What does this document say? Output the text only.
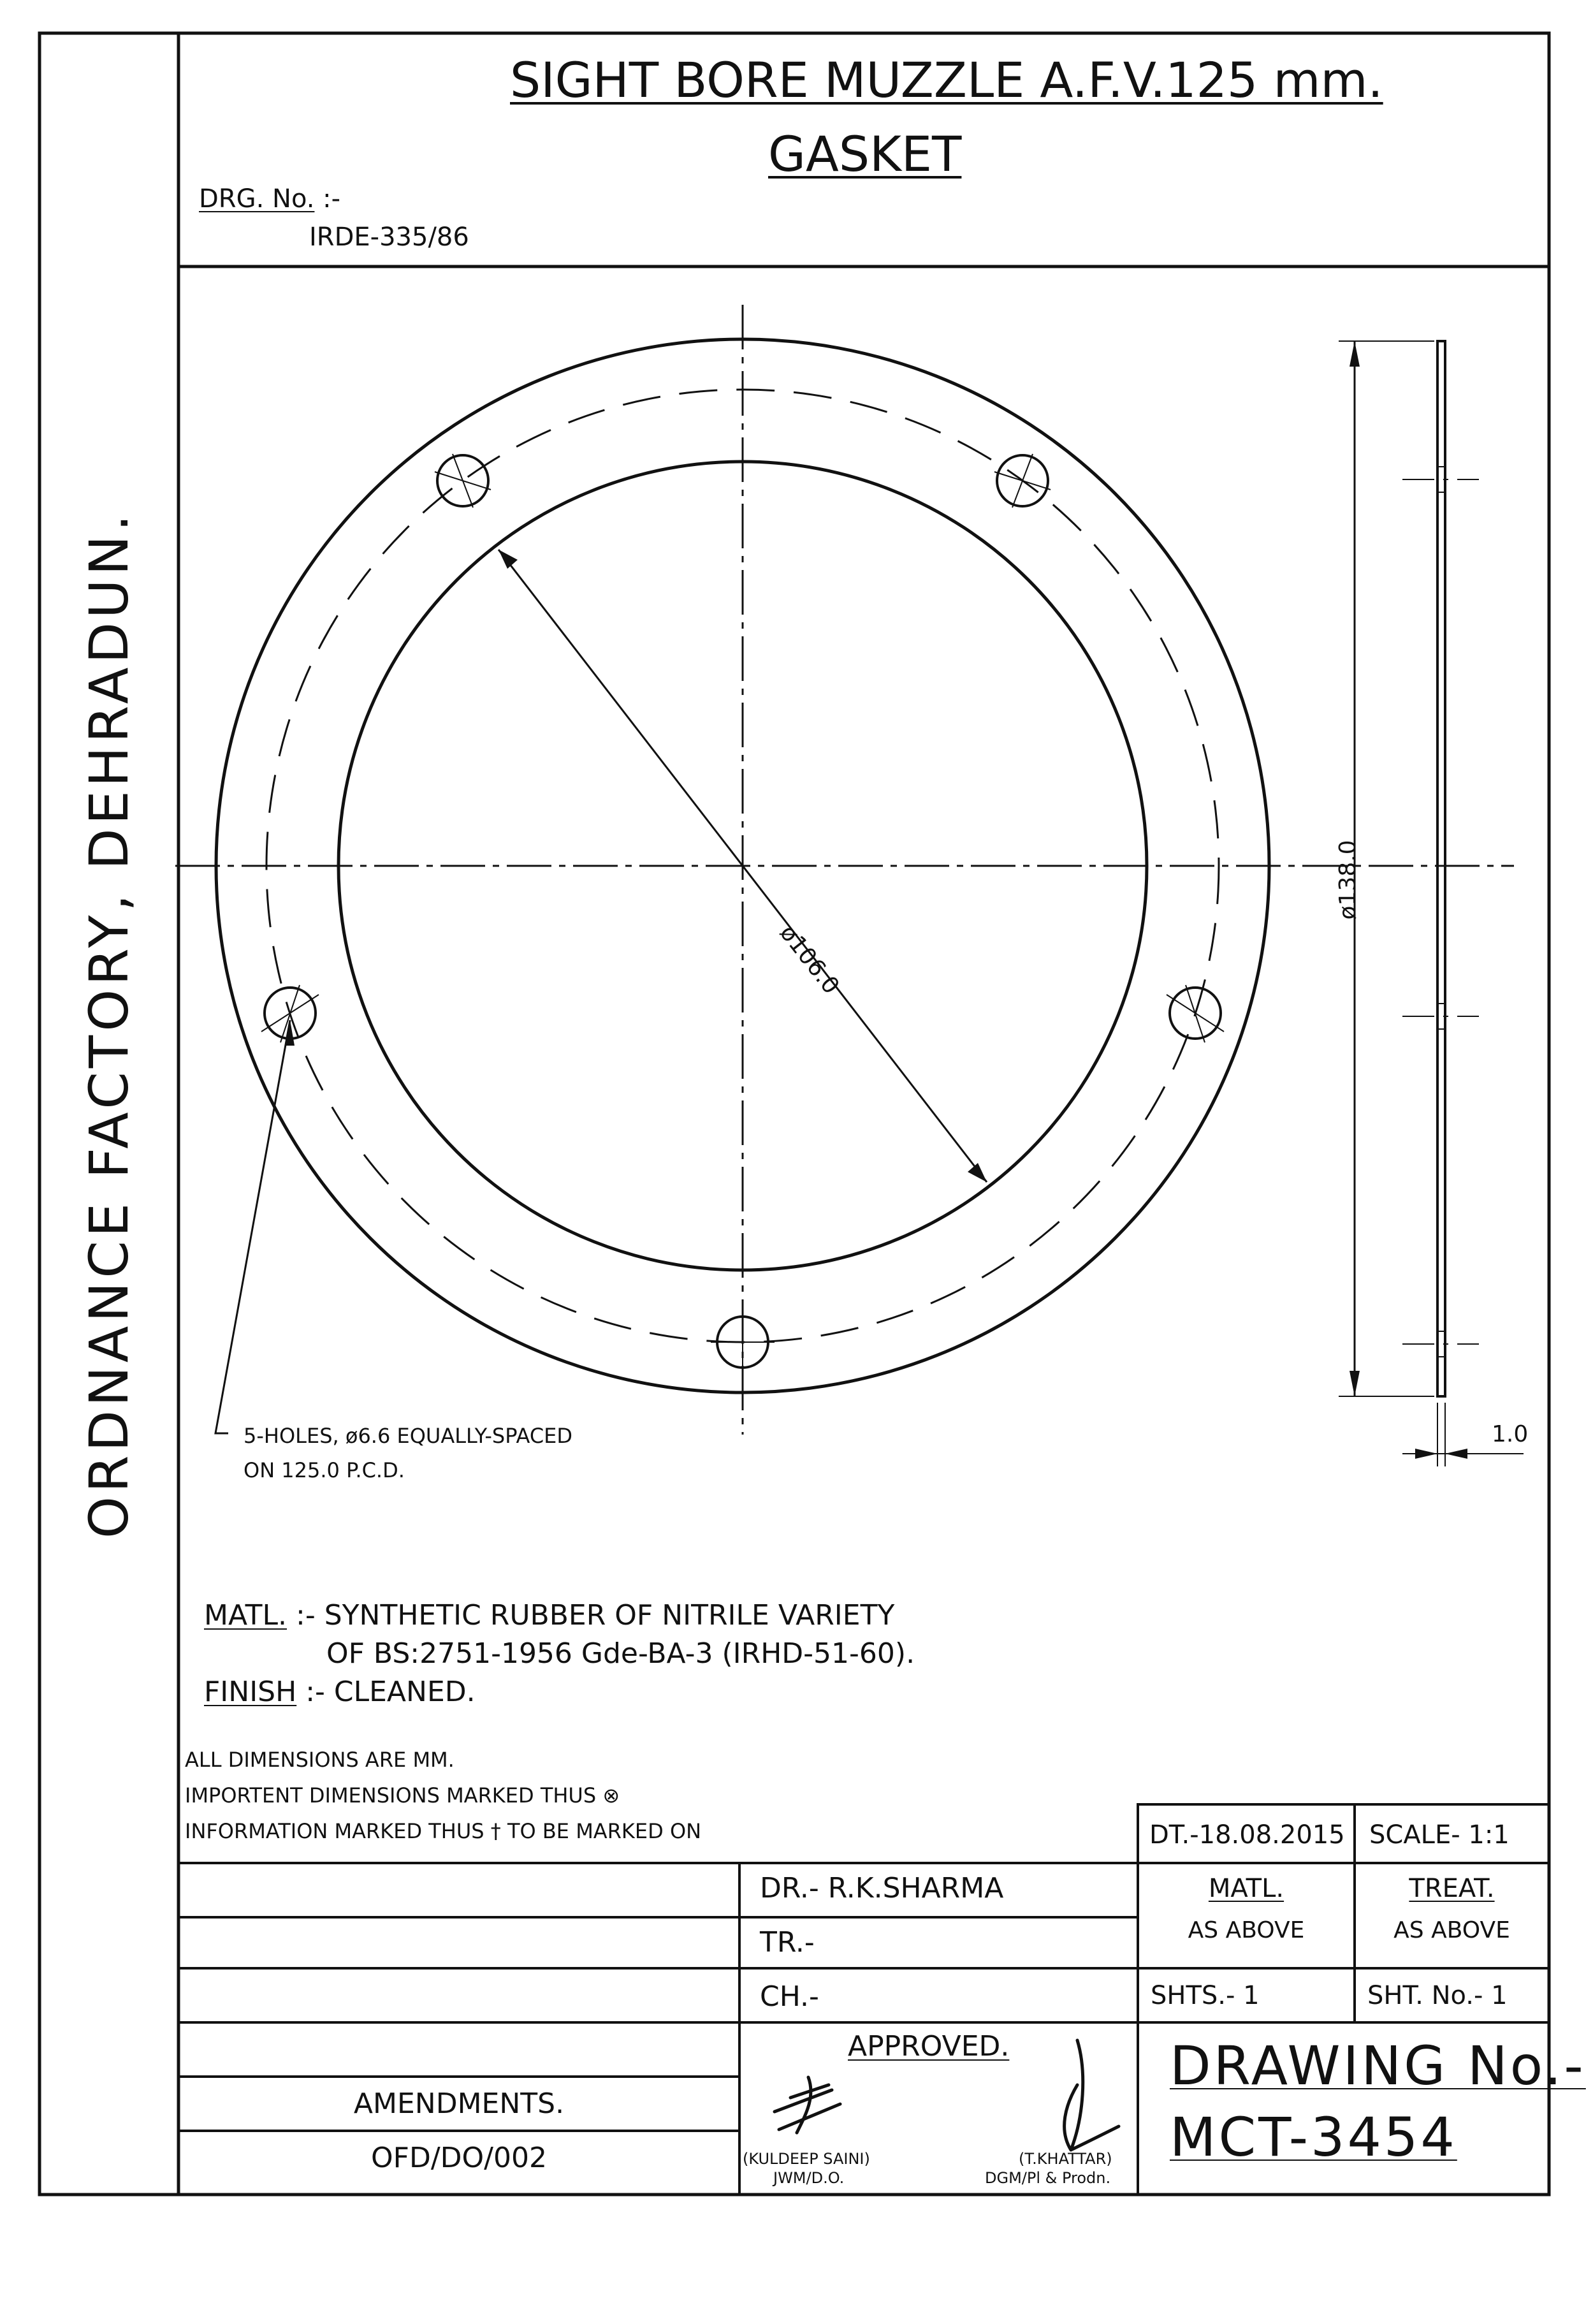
ORDNANCE FACTORY, DEHRADUN.
SIGHT BORE MUZZLE A.F.V.125 mm.
GASKET
DRG. No. :-
IRDE-335/86
ø106.0
ø138.0
1.0
5-HOLES, ø6.6 EQUALLY-SPACED
ON 125.0 P.C.D.
MATL. :- SYNTHETIC RUBBER OF NITRILE VARIETY
OF BS:2751-1956 Gde-BA-3 (IRHD-51-60).
FINISH :- CLEANED.
ALL DIMENSIONS ARE MM.
IMPORTENT DIMENSIONS MARKED THUS ⊗
INFORMATION MARKED THUS † TO BE MARKED ON	DT.-18.08.2015 SCALE- 1:1
DR.- R.K.SHARMA
TR.-
CH.-
MATL.
AS ABOVE
TREAT.
AS ABOVE
SHTS.- 1	SHT. No.- 1
APPROVED.
(KULDEEP SAINI)
JWM/D.O.
(T.KHATTAR)
DGM/Pl & Prodn.
AMENDMENTS.
OFD/DO/002
DRAWING No.-
MCT-3454
